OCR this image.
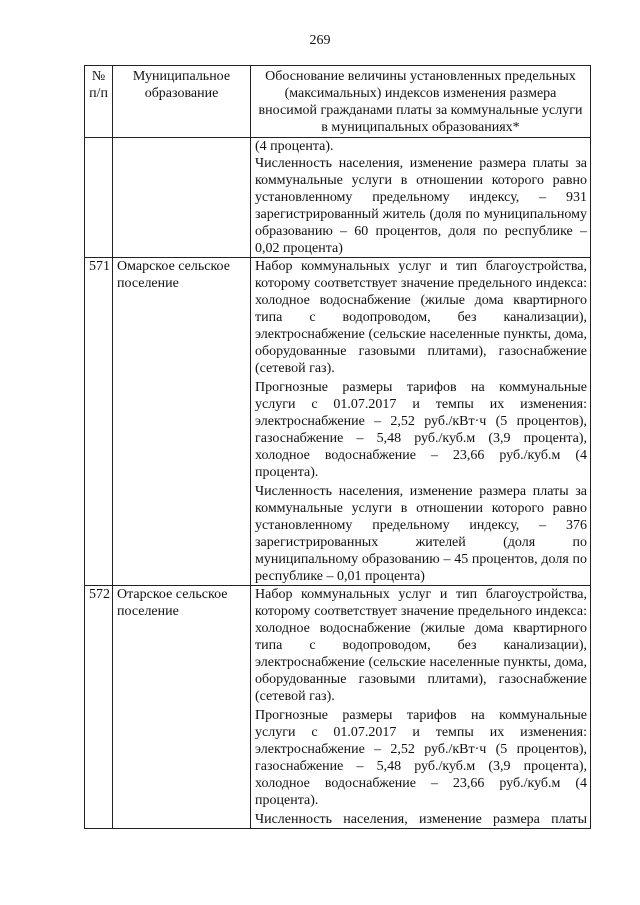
269
№ п/п	Муниципальное образование	Обоснование величины установленных предельных (максимальных) индексов изменения размера вносимой гражданами платы за коммунальные услуги в муниципальных образованиях*

		(4 процента).

Численность населения, изменение размера платы за коммунальные услуги в отношении которого равно установленному предельному индексу, – 931 зарегистрированный житель (доля по муниципальному образованию – 60 процентов, доля по республике – 0,02 процента)

571	Омарское сельское поселение	Набор коммунальных услуг и тип благоустройства, которому соответствует значение предельного индекса: холодное водоснабжение (жилые дома квартирного типа с водопроводом, без канализации), электроснабжение (сельские населенные пункты, дома, оборудованные газовыми плитами), газоснабжение (сетевой газ).

Прогнозные размеры тарифов на коммунальные услуги с 01.07.2017 и темпы их изменения: электроснабжение – 2,52 руб./кВт·ч (5 процентов), газоснабжение – 5,48 руб./куб.м (3,9 процента), холодное водоснабжение – 23,66 руб./куб.м (4 процента).

Численность населения, изменение размера платы за коммунальные услуги в отношении которого равно установленному предельному индексу, – 376 зарегистрированных жителей (доля по муниципальному образованию – 45 процентов, доля по республике – 0,01 процента)

572	Отарское сельское поселение	Набор коммунальных услуг и тип благоустройства, которому соответствует значение предельного индекса: холодное водоснабжение (жилые дома квартирного типа с водопроводом, без канализации), электроснабжение (сельские населенные пункты, дома, оборудованные газовыми плитами), газоснабжение (сетевой газ).

Прогнозные размеры тарифов на коммунальные услуги с 01.07.2017 и темпы их изменения: электроснабжение – 2,52 руб./кВт·ч (5 процентов), газоснабжение – 5,48 руб./куб.м (3,9 процента), холодное водоснабжение – 23,66 руб./куб.м (4 процента).

Численность населения, изменение размера платы
